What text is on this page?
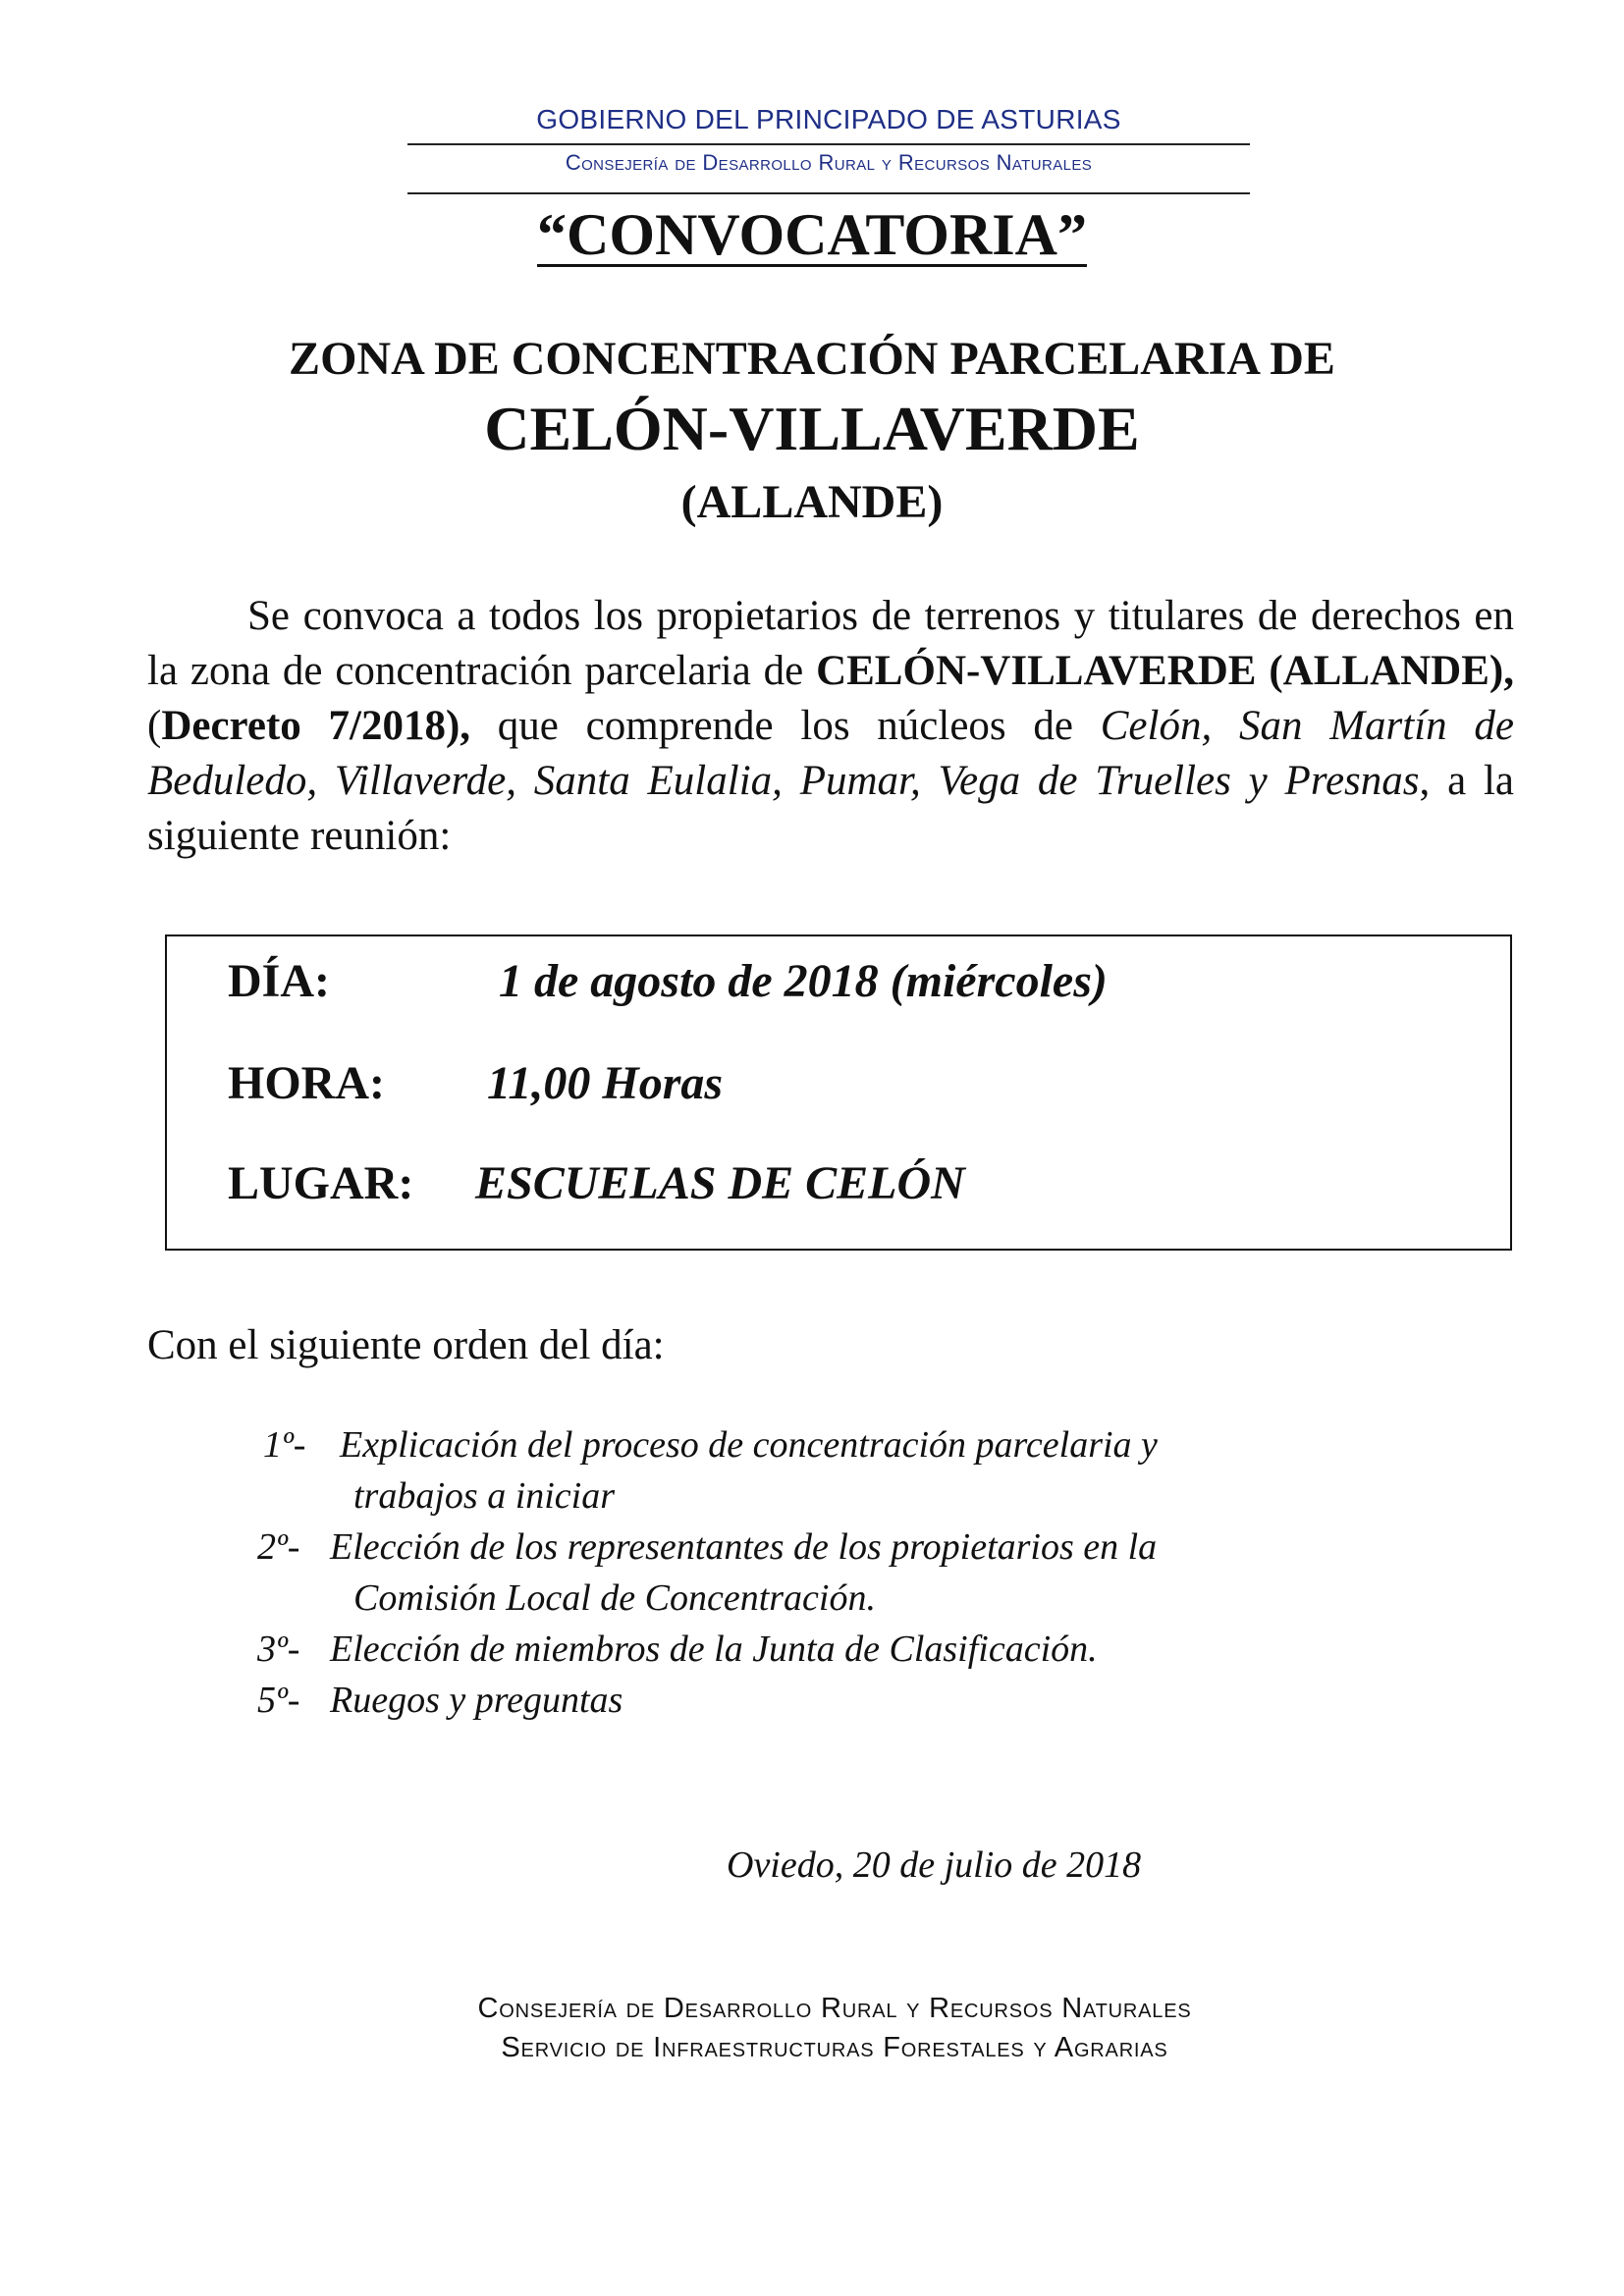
GOBIERNO DEL PRINCIPADO DE ASTURIAS
Consejería de Desarrollo Rural y Recursos Naturales
“CONVOCATORIA”
ZONA DE CONCENTRACIÓN PARCELARIA DE
CELÓN-VILLAVERDE
(ALLANDE)
Se convoca a todos los propietarios de terrenos y titulares de derechos en la zona de concentración parcelaria de CELÓN-VILLAVERDE (ALLANDE), (Decreto 7/2018), que comprende los núcleos de Celón, San Martín de Beduledo, Villaverde, Santa Eulalia, Pumar, Vega de Truelles y Presnas, a la siguiente reunión:
DÍA:	1 de agosto de 2018 (miércoles)
HORA: 11,00 Horas
LUGAR: ESCUELAS DE CELÓN
Con el siguiente orden del día:
1º- Explicación del proceso de concentración parcelaria y
trabajos a iniciar
2º- Elección de los representantes de los propietarios en la
Comisión Local de Concentración.
3º- Elección de miembros de la Junta de Clasificación.
5º- Ruegos y preguntas
Oviedo, 20 de julio de 2018
Consejería de Desarrollo Rural y Recursos Naturales
Servicio de Infraestructuras Forestales y Agrarias
